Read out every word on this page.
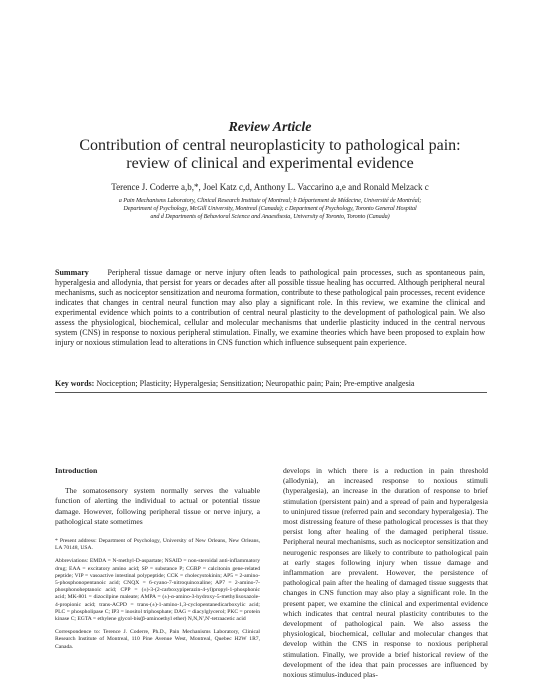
Review Article
Contribution of central neuroplasticity to pathological pain:
review of clinical and experimental evidence
Terence J. Coderre a,b,*, Joel Katz c,d, Anthony L. Vaccarino a,e and Ronald Melzack c
a Pain Mechanisms Laboratory, Clinical Research Institute of Montreal; b Département de Médecine, Université de Montréal;
Department of Psychology, McGill University, Montreal (Canada); c Department of Psychology, Toronto General Hospital
and d Departments of Behavioral Science and Anaesthesia, University of Toronto, Toronto (Canada)
Summary Peripheral tissue damage or nerve injury often leads to pathological pain processes, such as spontaneous pain, hyperalgesia and allodynia, that persist for years or decades after all possible tissue healing has occurred. Although peripheral neural mechanisms, such as nociceptor sensitization and neuroma formation, contribute to these pathological pain processes, recent evidence indicates that changes in central neural function may also play a significant role. In this review, we examine the clinical and experimental evidence which points to a contribution of central neural plasticity to the development of pathological pain. We also assess the physiological, biochemical, cellular and molecular mechanisms that underlie plasticity induced in the central nervous system (CNS) in response to noxious peripheral stimulation. Finally, we examine theories which have been proposed to explain how injury or noxious stimulation lead to alterations in CNS function which influence subsequent pain experience.
Key words: Nociception; Plasticity; Hyperalgesia; Sensitization; Neuropathic pain; Pain; Pre-emptive analgesia
Introduction

The somatosensory system normally serves the valuable function of alerting the individual to actual or potential tissue damage. However, following peripheral tissue or nerve injury, a pathological state sometimes

* Present address: Department of Psychology, University of New Orleans, New Orleans, LA 70148, USA.

Abbreviations: EMDA = N-methyl-D-aspartate; NSAID = non-steroidal anti-inflammatory drug; EAA = excitatory amino acid; SP = substance P; CGRP = calcitonin gene-related peptide; VIP = vasoactive intestinal polypeptide; CCK = cholecystokinin; AP5 = 2-amino-5-phosphonopentanoic acid; CNQX = 6-cyano-7-nitroquinoxaline; AP7 = 2-amino-7-phosphonoheptanoic acid; CPP = (±)-3-(2-carboxypiperazin-4-yl)propyl-1-phosphonic acid; MK-801 = dizocilpine maleate; AMPA = (±)-α-amino-3-hydroxy-5-methylisoxazole-4-propionic acid; trans-ACPD = trans-(±)-1-amino-1,3-cyclopentanedicarboxylic acid; PLC = phospholipase C; IP3 = inositol triphosphate; DAG = diacylglycerol; PKC = protein kinase C; EGTA = ethylene glycol-bis(β-aminoethyl ether) N,N,N',N'-tetraacetic acid

Correspondence to: Terence J. Coderre, Ph.D., Pain Mechanisms Laboratory, Clinical Research Institute of Montreal, 110 Pine Avenue West, Montreal, Quebec H2W 1R7, Canada.

develops in which there is a reduction in pain threshold (allodynia), an increased response to noxious stimuli (hyperalgesia), an increase in the duration of response to brief stimulation (persistent pain) and a spread of pain and hyperalgesia to uninjured tissue (referred pain and secondary hyperalgesia). The most distressing feature of these pathological processes is that they persist long after healing of the damaged peripheral tissue. Peripheral neural mechanisms, such as nociceptor sensitization and neurogenic responses are likely to contribute to pathological pain at early stages following injury when tissue damage and inflammation are prevalent. However, the persistence of pathological pain after the healing of damaged tissue suggests that changes in CNS function may also play a significant role. In the present paper, we examine the clinical and experimental evidence which indicates that central neural plasticity contributes to the development of pathological pain. We also assess the physiological, biochemical, cellular and molecular changes that develop within the CNS in response to noxious peripheral stimulation. Finally, we provide a brief historical review of the development of the idea that pain processes are influenced by noxious stimulus-induced plas-
